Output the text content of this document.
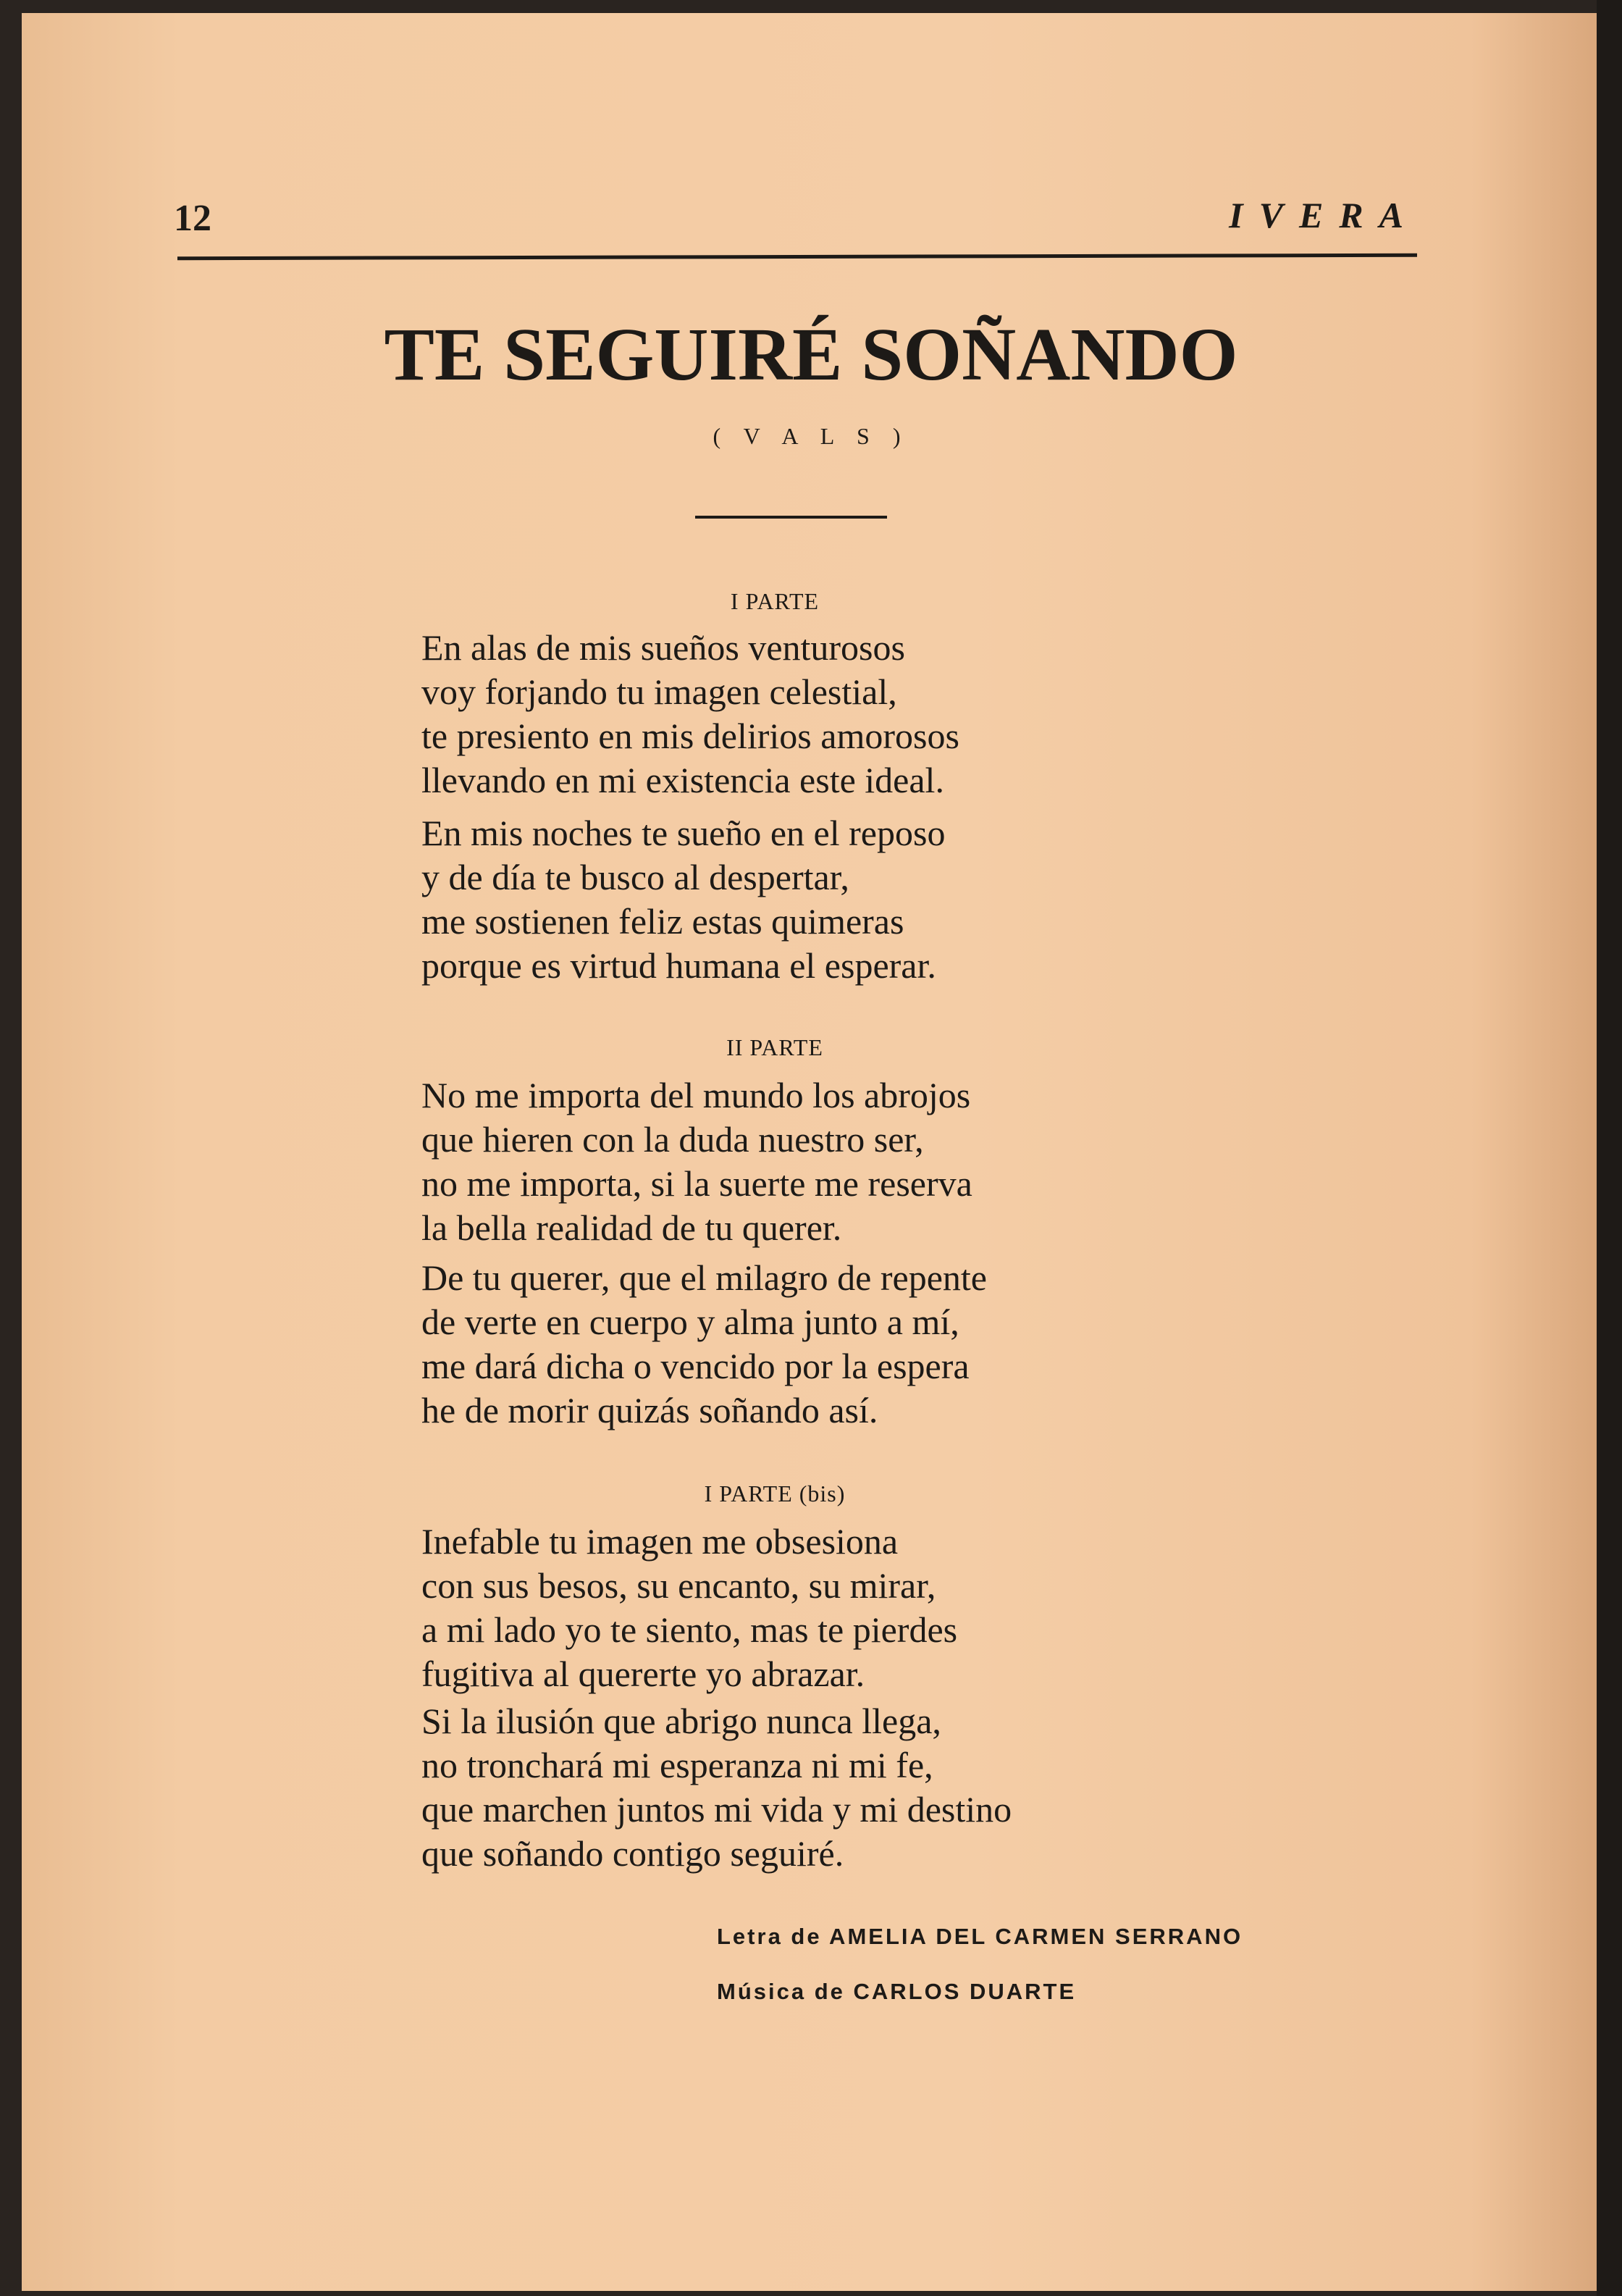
12	IVERA
TE SEGUIRÉ SOÑANDO
( V A L S )
I PARTE
En alas de mis sueños venturosos
voy forjando tu imagen celestial,
te presiento en mis delirios amorosos
llevando en mi existencia este ideal.
En mis noches te sueño en el reposo
y de día te busco al despertar,
me sostienen feliz estas quimeras
porque es virtud humana el esperar.
II PARTE
No me importa del mundo los abrojos
que hieren con la duda nuestro ser,
no me importa, si la suerte me reserva
la bella realidad de tu querer.
De tu querer, que el milagro de repente
de verte en cuerpo y alma junto a mí,
me dará dicha o vencido por la espera
he de morir quizás soñando así.
I PARTE (bis)
Inefable tu imagen me obsesiona
con sus besos, su encanto, su mirar,
a mi lado yo te siento, mas te pierdes
fugitiva al quererte yo abrazar.
Si la ilusión que abrigo nunca llega,
no tronchará mi esperanza ni mi fe,
que marchen juntos mi vida y mi destino
que soñando contigo seguiré.
Letra de AMELIA DEL CARMEN SERRANO
Música de CARLOS DUARTE
